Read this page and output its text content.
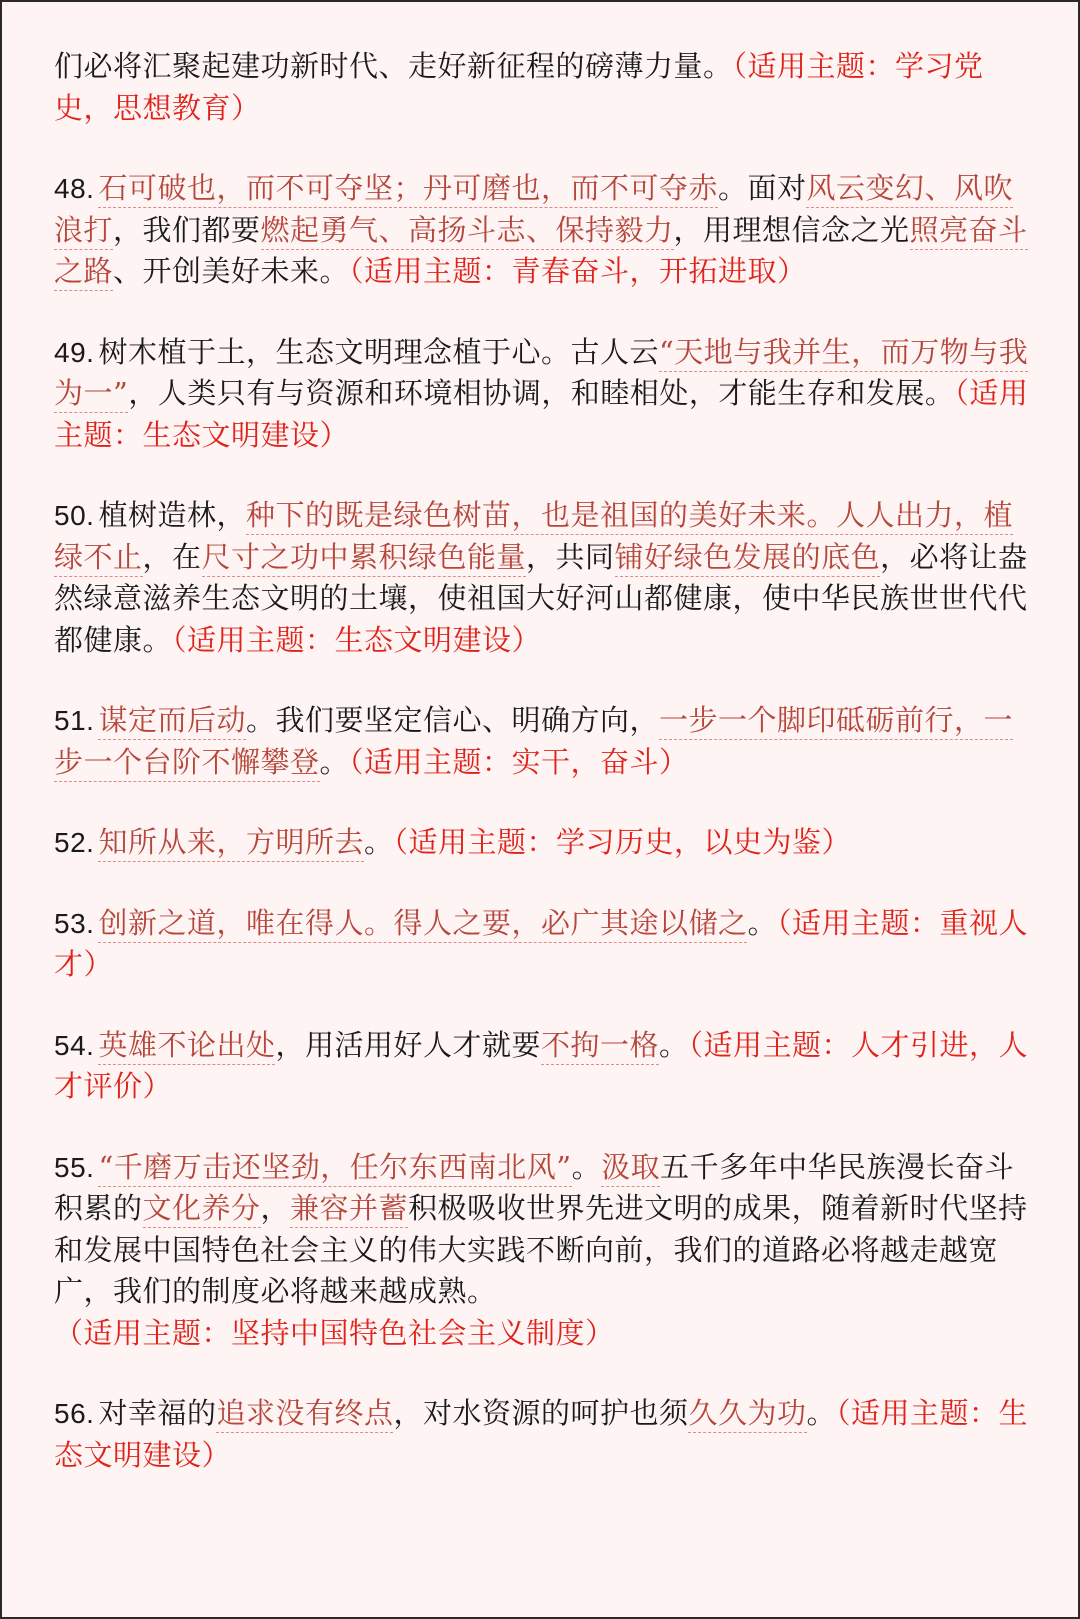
们必将汇聚起建功新时代、走好新征程的磅薄力量。（适用主题：学习党史，思想教育）

48. 石可破也，而不可夺坚；丹可磨也，而不可夺赤。面对风云变幻、风吹浪打，我们都要燃起勇气、高扬斗志、保持毅力，用理想信念之光照亮奋斗之路、开创美好未来。（适用主题：青春奋斗，开拓进取）

49. 树木植于土，生态文明理念植于心。古人云“天地与我并生，而万物与我为一”，人类只有与资源和环境相协调，和睦相处，才能生存和发展。（适用主题：生态文明建设）

50. 植树造林，种下的既是绿色树苗，也是祖国的美好未来。人人出力，植绿不止，在尺寸之功中累积绿色能量，共同铺好绿色发展的底色，必将让盎然绿意滋养生态文明的土壤，使祖国大好河山都健康，使中华民族世世代代都健康。（适用主题：生态文明建设）

51. 谋定而后动。我们要坚定信心、明确方向，一步一个脚印砥砺前行，一步一个台阶不懈攀登。（适用主题：实干，奋斗）

52. 知所从来，方明所去。（适用主题：学习历史，以史为鉴）

53. 创新之道，唯在得人。得人之要，必广其途以储之。（适用主题：重视人才）

54. 英雄不论出处，用活用好人才就要不拘一格。（适用主题：人才引进，人才评价）

55. “千磨万击还坚劲，任尔东西南北风”。汲取五千多年中华民族漫长奋斗积累的文化养分，兼容并蓄积极吸收世界先进文明的成果，随着新时代坚持和发展中国特色社会主义的伟大实践不断向前，我们的道路必将越走越宽广，我们的制度必将越来越成熟。（适用主题：坚持中国特色社会主义制度）

56. 对幸福的追求没有终点，对水资源的呵护也须久久为功。（适用主题：生态文明建设）
